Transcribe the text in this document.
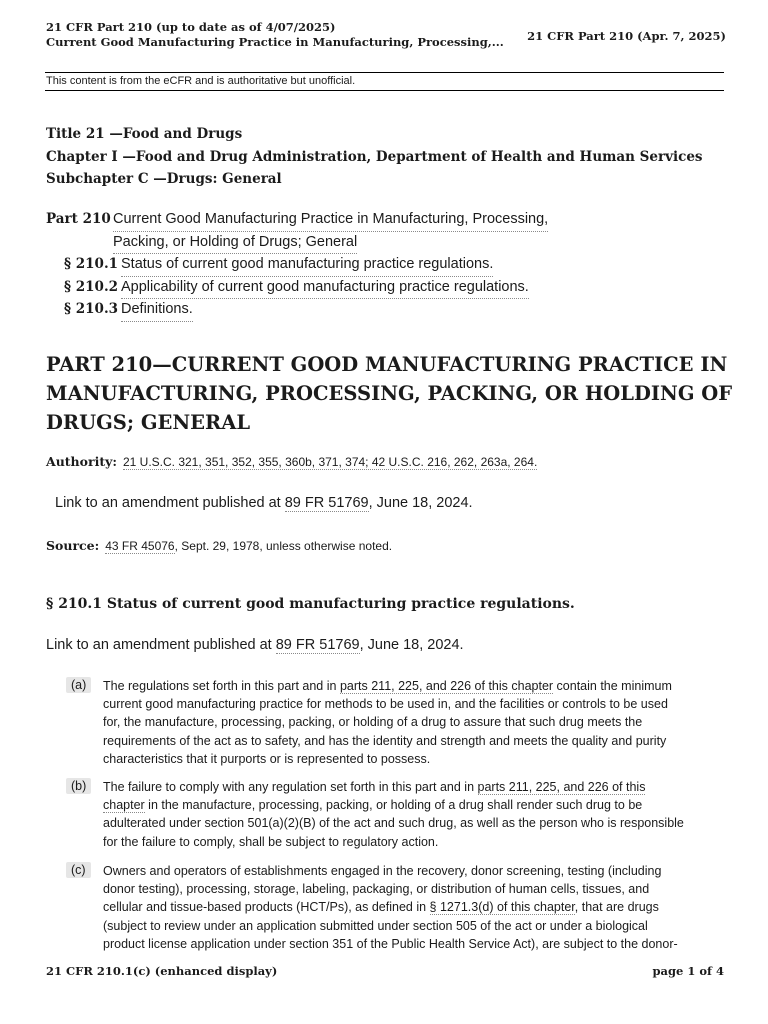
21 CFR Part 210 (up to date as of 4/07/2025)
Current Good Manufacturing Practice in Manufacturing, Processing,...	21 CFR Part 210 (Apr. 7, 2025)
This content is from the eCFR and is authoritative but unofficial.
Title 21 —Food and Drugs
Chapter I —Food and Drug Administration, Department of Health and Human Services
Subchapter C —Drugs: General
Part 210 Current Good Manufacturing Practice in Manufacturing, Processing,
Packing, or Holding of Drugs; General
§ 210.1 Status of current good manufacturing practice regulations.
§ 210.2 Applicability of current good manufacturing practice regulations.
§ 210.3 Definitions.
PART 210—CURRENT GOOD MANUFACTURING PRACTICE IN
MANUFACTURING, PROCESSING, PACKING, OR HOLDING OF
DRUGS; GENERAL
Authority: 21 U.S.C. 321, 351, 352, 355, 360b, 371, 374; 42 U.S.C. 216, 262, 263a, 264.
Link to an amendment published at 89 FR 51769, June 18, 2024.
Source: 43 FR 45076, Sept. 29, 1978, unless otherwise noted.
§ 210.1 Status of current good manufacturing practice regulations.
Link to an amendment published at 89 FR 51769, June 18, 2024.
(a)	The regulations set forth in this part and in parts 211, 225, and 226 of this chapter contain the minimum
current good manufacturing practice for methods to be used in, and the facilities or controls to be used
for, the manufacture, processing, packing, or holding of a drug to assure that such drug meets the
requirements of the act as to safety, and has the identity and strength and meets the quality and purity
characteristics that it purports or is represented to possess.
(b)	The failure to comply with any regulation set forth in this part and in parts 211, 225, and 226 of this
chapter in the manufacture, processing, packing, or holding of a drug shall render such drug to be
adulterated under section 501(a)(2)(B) of the act and such drug, as well as the person who is responsible
for the failure to comply, shall be subject to regulatory action.
(c)	Owners and operators of establishments engaged in the recovery, donor screening, testing (including
donor testing), processing, storage, labeling, packaging, or distribution of human cells, tissues, and
cellular and tissue-based products (HCT/Ps), as defined in § 1271.3(d) of this chapter, that are drugs
(subject to review under an application submitted under section 505 of the act or under a biological
product license application under section 351 of the Public Health Service Act), are subject to the donor-
21 CFR 210.1(c) (enhanced display)	page 1 of 4
